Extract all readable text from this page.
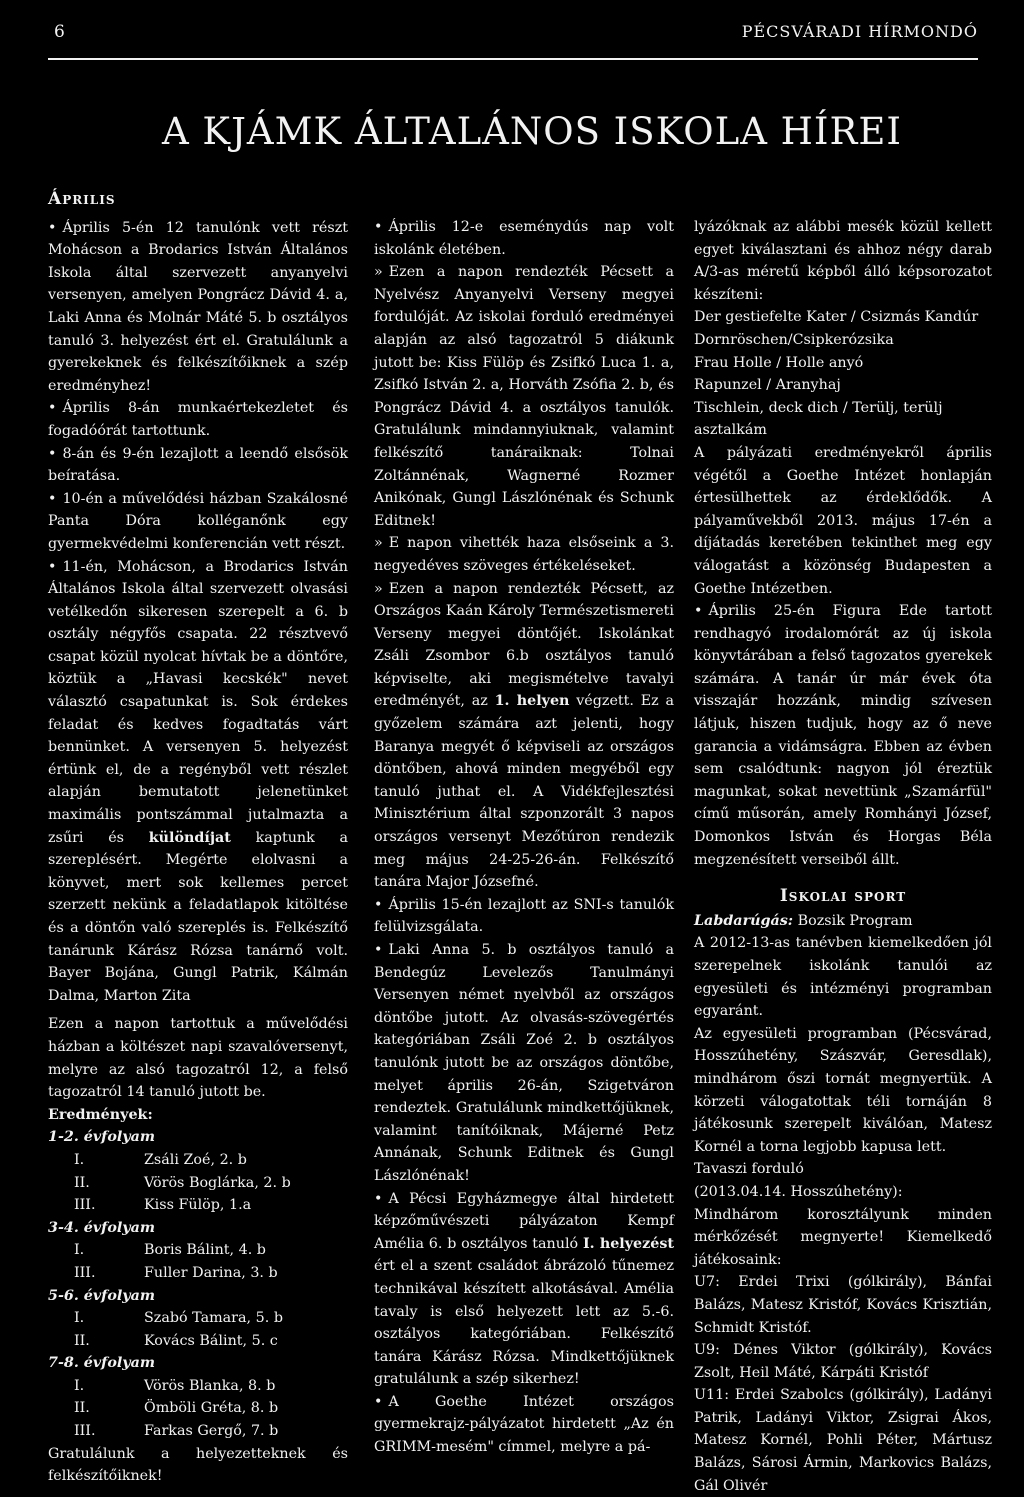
6	PÉCSVÁRADI HÍRMONDÓ
A KJÁMK ÁLTALÁNOS ISKOLA HÍREI
Április
• Április 5-én 12 tanulónk vett részt Mohácson a Brodarics István Általános Iskola által szervezett anyanyelvi versenyen, amelyen Pongrácz Dávid 4. a, Laki Anna és Molnár Máté 5. b osztályos tanuló 3. helyezést ért el. Gratulálunk a gyerekeknek és felkészítőiknek a szép eredményhez!
• Április 8-án munkaértekezletet és fogadóórát tartottunk.
• 8-án és 9-én lezajlott a leendő elsősök beíratása.
• 10-én a művelődési házban Szakálosné Panta Dóra kolléganőnk egy gyermekvédelmi konferencián vett részt.
• 11-én, Mohácson, a Brodarics István Általános Iskola által szervezett olvasási vetélkedőn sikeresen szerepelt a 6. b osztály négyfős csapata. 22 résztvevő csapat közül nyolcat hívtak be a döntőre, köztük a „Havasi kecskék" nevet választó csapatunkat is. Sok érdekes feladat és kedves fogadtatás várt bennünket. A versenyen 5. helyezést értünk el, de a regényből vett részlet alapján bemutatott jelenetünket maximális pontszámmal jutalmazta a zsűri és különdíjat kaptunk a szereplésért. Megérte elolvasni a könyvet, mert sok kellemes percet szerzett nekünk a feladatlapok kitöltése és a döntőn való szereplés is. Felkészítő tanárunk Kárász Rózsa tanárnő volt. Bayer Bojána, Gungl Patrik, Kálmán Dalma, Marton Zita

Ezen a napon tartottuk a művelődési házban a költészet napi szavalóversenyt, melyre az alsó tagozatról 12, a felső tagozatról 14 tanuló jutott be.

Eredmények:
1-2. évfolyam
I.	Zsáli Zoé, 2. b
II.	Vörös Boglárka, 2. b
III.	Kiss Fülöp, 1.a
3-4. évfolyam
I.	Boris Bálint, 4. b
III.	Fuller Darina, 3. b
5-6. évfolyam
I.	Szabó Tamara, 5. b
II.	Kovács Bálint, 5. c
7-8. évfolyam
I.	Vörös Blanka, 8. b
II.	Ömböli Gréta, 8. b
III.	Farkas Gergő, 7. b

Gratulálunk a helyezetteknek és felkészítőiknek!

• Április 12-e eseménydús nap volt iskolánk életében.
» Ezen a napon rendezték Pécsett a Nyelvész Anyanyelvi Verseny megyei fordulóját. Az iskolai forduló eredményei alapján az alsó tagozatról 5 diákunk jutott be: Kiss Fülöp és Zsifkó Luca 1. a, Zsifkó István 2. a, Horváth Zsófia 2. b, és Pongrácz Dávid 4. a osztályos tanulók. Gratulálunk mindannyiuknak, valamint felkészítő tanáraiknak: Tolnai Zoltánnénak, Wagnerné Rozmer Anikónak, Gungl Lászlónénak és Schunk Editnek!
» E napon vihették haza elsőseink a 3. negyedéves szöveges értékeléseket.
» Ezen a napon rendezték Pécsett, az Országos Kaán Károly Természetismereti Verseny megyei döntőjét. Iskolánkat Zsáli Zsombor 6.b osztályos tanuló képviselte, aki megismételve tavalyi eredményét, az 1. helyen végzett. Ez a győzelem számára azt jelenti, hogy Baranya megyét ő képviseli az országos döntőben, ahová minden megyéből egy tanuló juthat el. A Vidékfejlesztési Minisztérium által szponzorált 3 napos országos versenyt Mezőtúron rendezik meg május 24-25-26-án. Felkészítő tanára Major Józsefné.
• Április 15-én lezajlott az SNI-s tanulók felülvizsgálata.
• Laki Anna 5. b osztályos tanuló a Bendegúz Levelezős Tanulmányi Versenyen német nyelvből az országos döntőbe jutott. Az olvasás-szövegértés kategóriában Zsáli Zoé 2. b osztályos tanulónk jutott be az országos döntőbe, melyet április 26-án, Szigetváron rendeztek. Gratulálunk mindkettőjüknek, valamint tanítóiknak, Májerné Petz Annának, Schunk Editnek és Gungl Lászlónénak!
• A Pécsi Egyházmegye által hirdetett képzőművészeti pályázaton Kempf Amélia 6. b osztályos tanuló I. helyezést ért el a szent családot ábrázoló tűnemez technikával készített alkotásával. Amélia tavaly is első helyezett lett az 5.-6. osztályos kategóriában. Felkészítő tanára Kárász Rózsa. Mindkettőjüknek gratulálunk a szép sikerhez!
• A Goethe Intézet országos gyermekrajz-pályázatot hirdetett „Az én GRIMM-mesém" címmel, melyre a pá-

lyázóknak az alábbi mesék közül kellett egyet kiválasztani és ahhoz négy darab A/3-as méretű képből álló képsorozatot készíteni:

Der gestiefelte Kater / Csizmás Kandúr
Dornröschen/Csipkerózsika
Frau Holle / Holle anyó
Rapunzel / Aranyhaj
Tischlein, deck dich / Terülj, terülj asztalkám

A pályázati eredményekről április végétől a Goethe Intézet honlapján értesülhettek az érdeklődők. A pályaművekből 2013. május 17-én a díjátadás keretében tekinthet meg egy válogatást a közönség Budapesten a Goethe Intézetben.

• Április 25-én Figura Ede tartott rendhagyó irodalomórát az új iskola könyvtárában a felső tagozatos gyerekek számára. A tanár úr már évek óta visszajár hozzánk, mindig szívesen látjuk, hiszen tudjuk, hogy az ő neve garancia a vidámságra. Ebben az évben sem csalódtunk: nagyon jól éreztük magunkat, sokat nevettünk „Szamárfül" című műsorán, amely Romhányi József, Domonkos István és Horgas Béla megzenésített verseiből állt.
Iskolai sport

Labdarúgás: Bozsik Program

A 2012-13-as tanévben kiemelkedően jól szerepelnek iskolánk tanulói az egyesületi és intézményi programban egyaránt.

Az egyesületi programban (Pécsvárad, Hosszúhetény, Szászvár, Geresdlak), mindhárom őszi tornát megnyertük. A körzeti válogatottak téli tornáján 8 játékosunk szerepelt kiválóan, Matesz Kornél a torna legjobb kapusa lett.

Tavaszi forduló

(2013.04.14. Hosszúhetény):

Mindhárom korosztályunk minden mérkőzését megnyerte! Kiemelkedő játékosaink:

U7: Erdei Trixi (gólkirály), Bánfai Balázs, Matesz Kristóf, Kovács Krisztián, Schmidt Kristóf.

U9: Dénes Viktor (gólkirály), Kovács Zsolt, Heil Máté, Kárpáti Kristóf

U11: Erdei Szabolcs (gólkirály), Ladányi Patrik, Ladányi Viktor, Zsigrai Ákos, Matesz Kornél, Pohli Péter, Mártusz Balázs, Sárosi Ármin, Markovics Balázs, Gál Olivér
